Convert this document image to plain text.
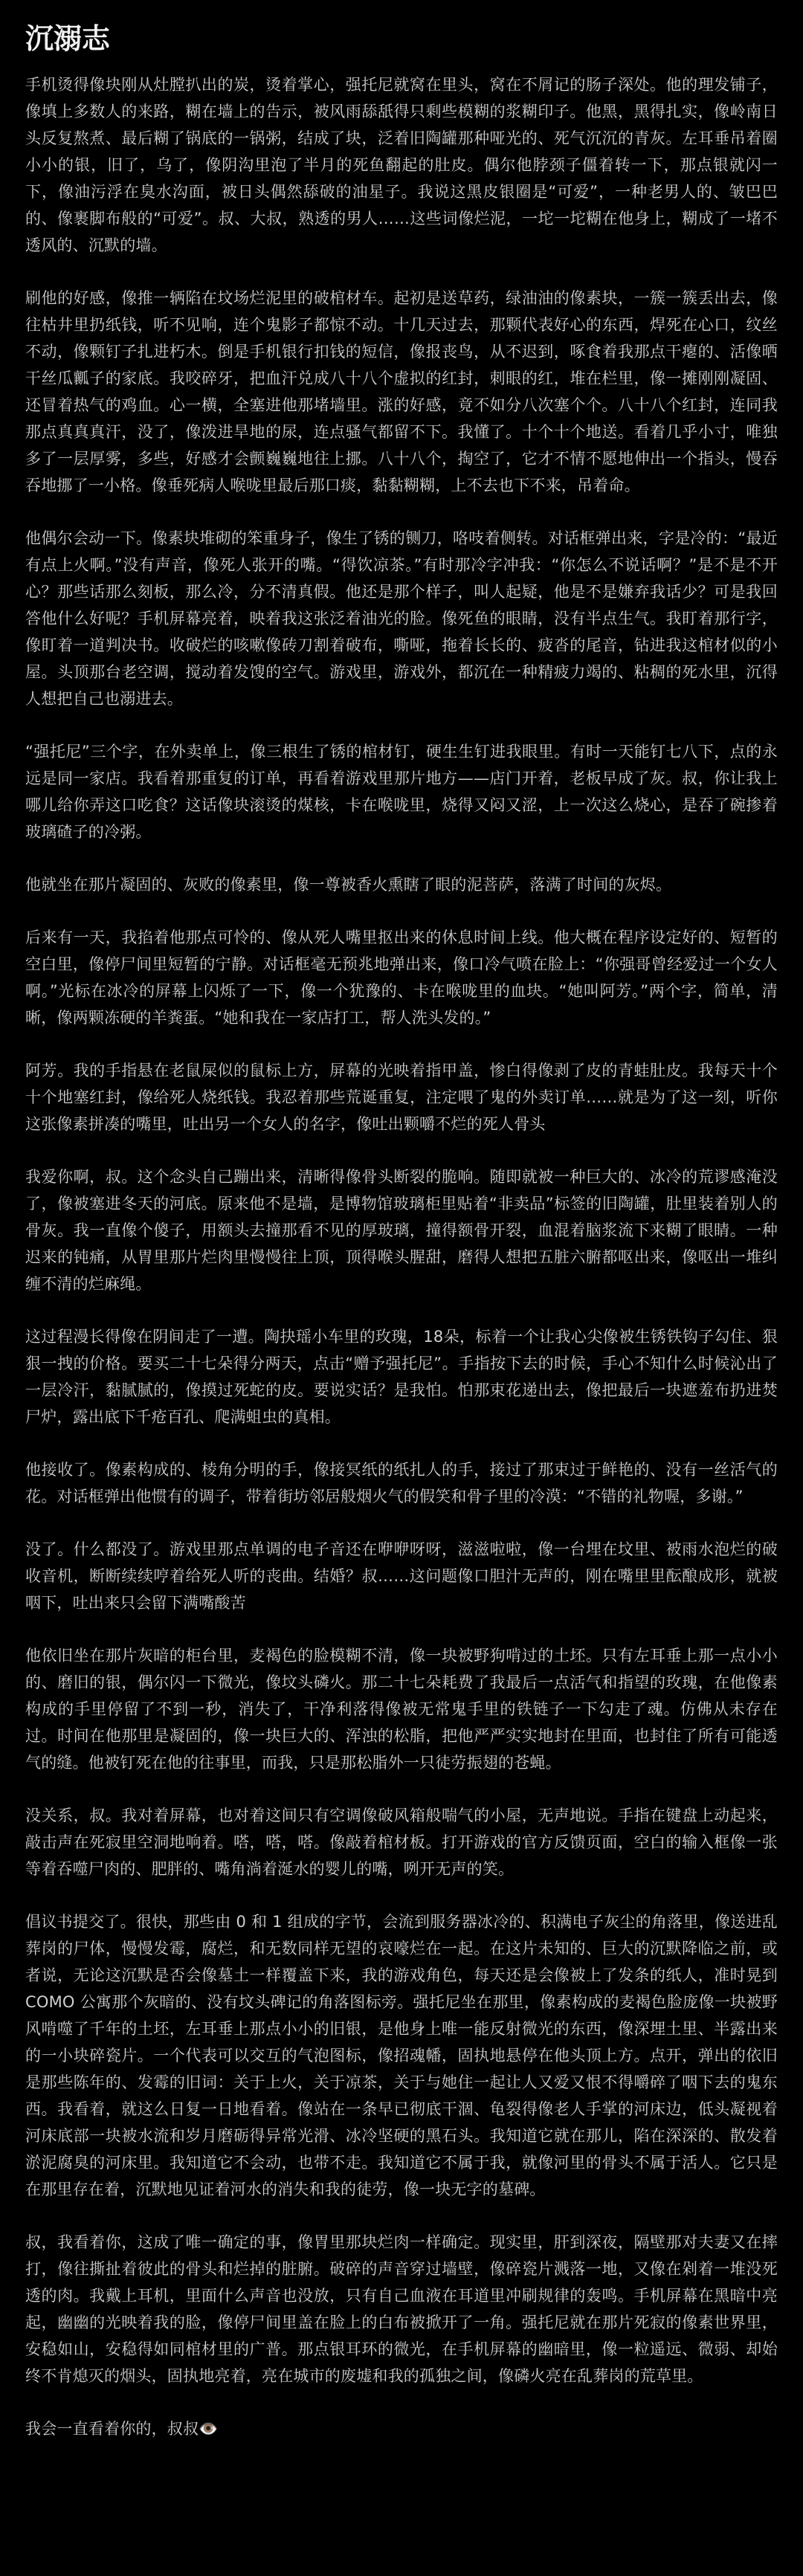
沉溺志

手机烫得像块刚从灶膛扒出的炭，烫着掌心，强托尼就窝在里头，窝在不屑记的肠子深处。他的理发铺子，像填上多数人的来路，糊在墙上的告示，被风雨舔舐得只剩些模糊的浆糊印子。他黑，黑得扎实，像岭南日头反复熬煮、最后糊了锅底的一锅粥，结成了块，泛着旧陶罐那种哑光的、死气沉沉的青灰。左耳垂吊着圈小小的银，旧了，乌了，像阴沟里泡了半月的死鱼翻起的肚皮。偶尔他脖颈子僵着转一下，那点银就闪一下，像油污浮在臭水沟面，被日头偶然舔破的油星子。我说这黑皮银圈是“可爱”，一种老男人的、皱巴巴的、像裹脚布般的“可爱”。叔、大叔，熟透的男人……这些词像烂泥，一坨一坨糊在他身上，糊成了一堵不透风的、沉默的墙。

刷他的好感，像推一辆陷在坟场烂泥里的破棺材车。起初是送草药，绿油油的像素块，一簇一簇丢出去，像往枯井里扔纸钱，听不见响，连个鬼影子都惊不动。十几天过去，那颗代表好心的东西，焊死在心口，纹丝不动，像颗钉子扎进朽木。倒是手机银行扣钱的短信，像报丧鸟，从不迟到，啄食着我那点干瘪的、活像晒干丝瓜瓤子的家底。我咬碎牙，把血汗兑成八十八个虚拟的红封，刺眼的红，堆在栏里，像一摊刚刚凝固、还冒着热气的鸡血。心一横，全塞进他那堵墙里。涨的好感，竟不如分八次塞个个。八十八个红封，连同我那点真真真汗，没了，像泼进旱地的尿，连点骚气都留不下。我懂了。十个十个地送。看着几乎小寸，唯独多了一层厚雾，多些，好感才会颤巍巍地往上挪。八十八个，掏空了，它才不情不愿地伸出一个指头，慢吞吞地挪了一小格。像垂死病人喉咙里最后那口痰，黏黏糊糊，上不去也下不来，吊着命。

他偶尔会动一下。像素块堆砌的笨重身子，像生了锈的铡刀，咯吱着侧转。对话框弹出来，字是冷的：“最近有点上火啊。”没有声音，像死人张开的嘴。“得饮凉茶。”有时那冷字冲我：“你怎么不说话啊？”是不是不开心？那些话那么刻板，那么冷，分不清真假。他还是那个样子，叫人起疑，他是不是嫌弃我话少？可是我回答他什么好呢？手机屏幕亮着，映着我这张泛着油光的脸。像死鱼的眼睛，没有半点生气。我盯着那行字，像盯着一道判决书。收破烂的咳嗽像砖刀割着破布，嘶哑，拖着长长的、疲沓的尾音，钻进我这棺材似的小屋。头顶那台老空调，搅动着发馊的空气。游戏里，游戏外，都沉在一种精疲力竭的、粘稠的死水里，沉得人想把自己也溺进去。

“强托尼”三个字，在外卖单上，像三根生了锈的棺材钉，硬生生钉进我眼里。有时一天能钉七八下，点的永远是同一家店。我看着那重复的订单，再看着游戏里那片地方——店门开着，老板早成了灰。叔，你让我上哪儿给你弄这口吃食？这话像块滚烫的煤核，卡在喉咙里，烧得又闷又涩，上一次这么烧心，是吞了碗掺着玻璃碴子的冷粥。

他就坐在那片凝固的、灰败的像素里，像一尊被香火熏瞎了眼的泥菩萨，落满了时间的灰烬。

后来有一天，我掐着他那点可怜的、像从死人嘴里抠出来的休息时间上线。他大概在程序设定好的、短暂的空白里，像停尸间里短暂的宁静。对话框毫无预兆地弹出来，像口冷气喷在脸上：“你强哥曾经爱过一个女人啊。”光标在冰冷的屏幕上闪烁了一下，像一个犹豫的、卡在喉咙里的血块。“她叫阿芳。”两个字，简单，清晰，像两颗冻硬的羊粪蛋。“她和我在一家店打工，帮人洗头发的。”

阿芳。我的手指悬在老鼠屎似的鼠标上方，屏幕的光映着指甲盖，惨白得像剥了皮的青蛙肚皮。我每天十个十个地塞红封，像给死人烧纸钱。我忍着那些荒诞重复，注定喂了鬼的外卖订单……就是为了这一刻，听你这张像素拼凑的嘴里，吐出另一个女人的名字，像吐出颗嚼不烂的死人骨头

我爱你啊，叔。这个念头自己蹦出来，清晰得像骨头断裂的脆响。随即就被一种巨大的、冰冷的荒谬感淹没了，像被塞进冬天的河底。原来他不是墙，是博物馆玻璃柜里贴着“非卖品”标签的旧陶罐，肚里装着别人的骨灰。我一直像个傻子，用额头去撞那看不见的厚玻璃，撞得额骨开裂，血混着脑浆流下来糊了眼睛。一种迟来的钝痛，从胃里那片烂肉里慢慢往上顶，顶得喉头腥甜，磨得人想把五脏六腑都呕出来，像呕出一堆纠缠不清的烂麻绳。

这过程漫长得像在阴间走了一遭。陶抉瑶小车里的玫瑰，18朵，标着一个让我心尖像被生锈铁钩子勾住、狠狠一拽的价格。要买二十七朵得分两天，点击“赠予强托尼”。手指按下去的时候，手心不知什么时候沁出了一层冷汗，黏腻腻的，像摸过死蛇的皮。要说实话？是我怕。怕那束花递出去，像把最后一块遮羞布扔进焚尸炉，露出底下千疮百孔、爬满蛆虫的真相。

他接收了。像素构成的、棱角分明的手，像接冥纸的纸扎人的手，接过了那束过于鲜艳的、没有一丝活气的花。对话框弹出他惯有的调子，带着街坊邻居般烟火气的假笑和骨子里的冷漠：“不错的礼物喔，多谢。”

没了。什么都没了。游戏里那点单调的电子音还在咿咿呀呀，滋滋啦啦，像一台埋在坟里、被雨水泡烂的破收音机，断断续续哼着给死人听的丧曲。结婚？叔……这问题像口胆汁无声的，刚在嘴里里酝酿成形，就被咽下，吐出来只会留下满嘴酸苦

他依旧坐在那片灰暗的柜台里，麦褐色的脸模糊不清，像一块被野狗啃过的土坯。只有左耳垂上那一点小小的、磨旧的银，偶尔闪一下微光，像坟头磷火。那二十七朵耗费了我最后一点活气和指望的玫瑰，在他像素构成的手里停留了不到一秒，消失了，干净利落得像被无常鬼手里的铁链子一下勾走了魂。仿佛从未存在过。时间在他那里是凝固的，像一块巨大的、浑浊的松脂，把他严严实实地封在里面，也封住了所有可能透气的缝。他被钉死在他的往事里，而我，只是那松脂外一只徒劳振翅的苍蝇。

没关系，叔。我对着屏幕，也对着这间只有空调像破风箱般喘气的小屋，无声地说。手指在键盘上动起来，敲击声在死寂里空洞地响着。嗒，嗒，嗒。像敲着棺材板。打开游戏的官方反馈页面，空白的输入框像一张等着吞噬尸肉的、肥胖的、嘴角淌着涎水的婴儿的嘴，咧开无声的笑。

倡议书提交了。很快，那些由 0 和 1 组成的字节，会流到服务器冰冷的、积满电子灰尘的角落里，像送进乱葬岗的尸体，慢慢发霉，腐烂，和无数同样无望的哀嚎烂在一起。在这片未知的、巨大的沉默降临之前，或者说，无论这沉默是否会像墓土一样覆盖下来，我的游戏角色，每天还是会像被上了发条的纸人，准时晃到 COMO 公寓那个灰暗的、没有坟头碑记的角落图标旁。强托尼坐在那里，像素构成的麦褐色脸庞像一块被野风啃噬了千年的土坯，左耳垂上那点小小的旧银，是他身上唯一能反射微光的东西，像深埋土里、半露出来的一小块碎瓷片。一个代表可以交互的气泡图标，像招魂幡，固执地悬停在他头顶上方。点开，弹出的依旧是那些陈年的、发霉的旧词：关于上火，关于凉茶，关于与她住一起让人又爱又恨不得嚼碎了咽下去的鬼东西。我看着，就这么日复一日地看着。像站在一条早已彻底干涸、龟裂得像老人手掌的河床边，低头凝视着河床底部一块被水流和岁月磨砺得异常光滑、冰冷坚硬的黑石头。我知道它就在那儿，陷在深深的、散发着淤泥腐臭的河床里。我知道它不会动，也带不走。我知道它不属于我，就像河里的骨头不属于活人。它只是在那里存在着，沉默地见证着河水的消失和我的徒劳，像一块无字的墓碑。

叔，我看着你，这成了唯一确定的事，像胃里那块烂肉一样确定。现实里，肝到深夜，隔壁那对夫妻又在摔打，像往撕扯着彼此的骨头和烂掉的脏腑。破碎的声音穿过墙壁，像碎瓷片溅落一地，又像在剁着一堆没死透的肉。我戴上耳机，里面什么声音也没放，只有自己血液在耳道里冲刷规律的轰鸣。手机屏幕在黑暗中亮起，幽幽的光映着我的脸，像停尸间里盖在脸上的白布被掀开了一角。强托尼就在那片死寂的像素世界里，安稳如山，安稳得如同棺材里的广普。那点银耳环的微光，在手机屏幕的幽暗里，像一粒遥远、微弱、却始终不肯熄灭的烟头，固执地亮着，亮在城市的废墟和我的孤独之间，像磷火亮在乱葬岗的荒草里。

我会一直看着你的，叔叔👁️
